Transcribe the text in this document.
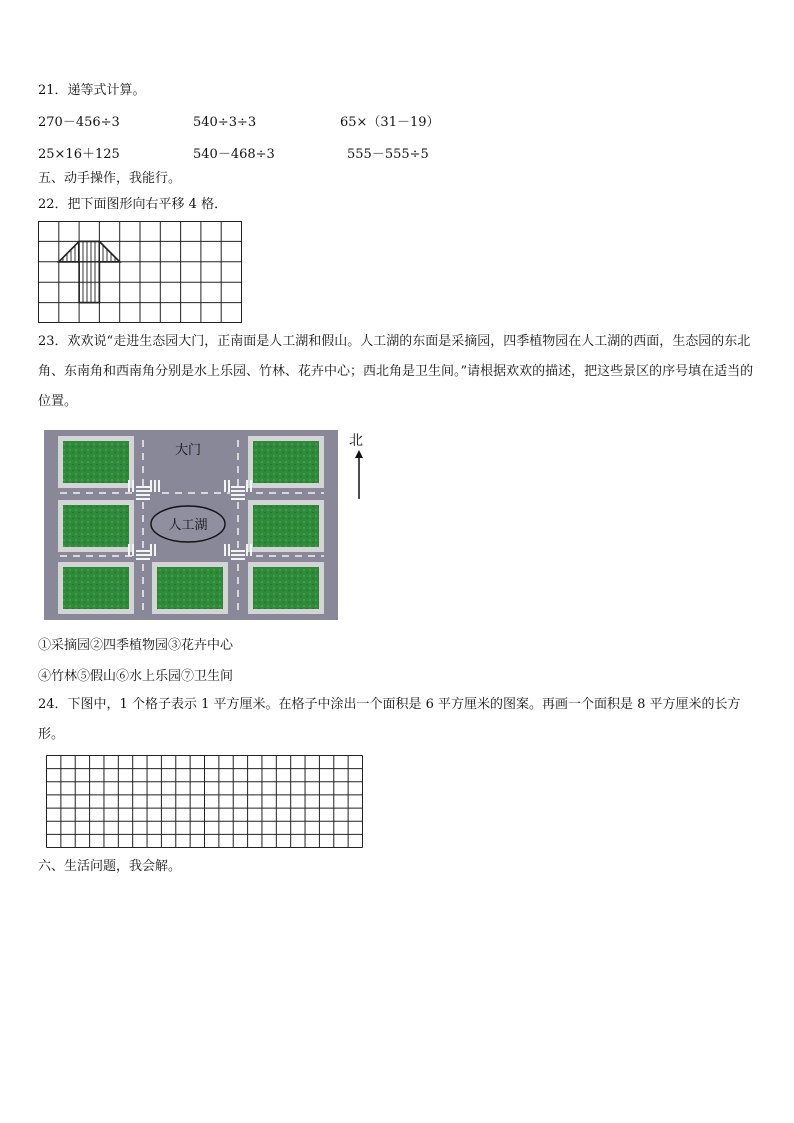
21．递等式计算。
270－456÷3	540÷3÷3	65×（31－19）
25×16＋125	540－468÷3	555－555÷5
五、动手操作，我能行。
22．把下面图形向右平移 4 格．
23．欢欢说“走进生态园大门，正南面是人工湖和假山。人工湖的东面是采摘园，四季植物园在人工湖的西面，生态园的东北角、东南角和西南角分别是水上乐园、竹林、花卉中心；西北角是卫生间。”请根据欢欢的描述，把这些景区的序号填在适当的位置。
人工湖
大门
北
①采摘园②四季植物园③花卉中心
④竹林⑤假山⑥水上乐园⑦卫生间
24．下图中，1 个格子表示 1 平方厘米。在格子中涂出一个面积是 6 平方厘米的图案。再画一个面积是 8 平方厘米的长方形。
六、生活问题，我会解。
